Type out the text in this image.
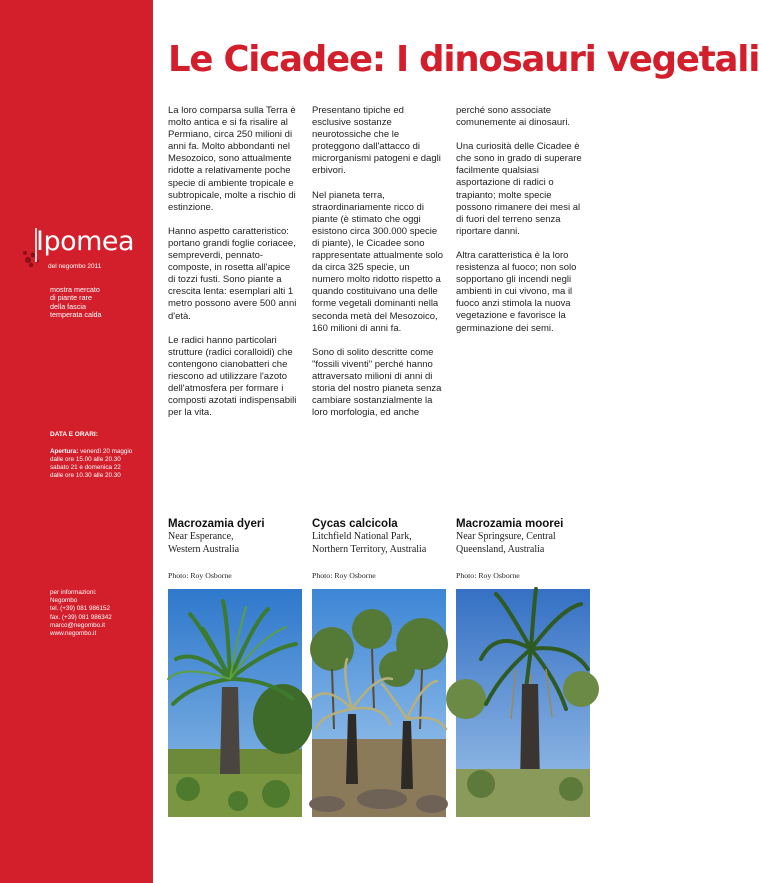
Ipomea
del negombo 2011
mostra mercato
di piante rare
della fascia
temperata calda
DATA E ORARI:
Apertura: venerdì 20 maggio
dalle ore 15.00 alle 20.30
sabato 21 e domenica 22
dalle ore 10.30 alle 20.30
per informazioni:
Negombo
tel. (+39) 081 986152
fax. (+39) 081 986342
marco@negombo.it
www.negombo.it
Le Cicadee: I dinosauri vegetali

La loro comparsa sulla Terra è molto antica e si fa risalire al Permiano, circa 250 milioni di anni fa. Molto abbondanti nel Mesozoico, sono attualmente ridotte a relativamente poche specie di ambiente tropicale e subtropicale, molte a rischio di estinzione.

Hanno aspetto caratteristico: portano grandi foglie coriacee, sempreverdi, pennato-composte, in rosetta all'apice di tozzi fusti. Sono piante a crescita lenta: esemplari alti 1 metro possono avere 500 anni d'età.

Le radici hanno particolari strutture (radici coralloidi) che contengono cianobatteri che riescono ad utilizzare l'azoto dell'atmosfera per formare i composti azotati indispensabili per la vita.

Presentano tipiche ed esclusive sostanze neurotossiche che le proteggono dall'attacco di microrganismi patogeni e dagli erbivori.

Nel pianeta terra, straordinariamente ricco di piante (è stimato che oggi esistono circa 300.000 specie di piante), le Cicadee sono rappresentate attualmente solo da circa 325 specie, un numero molto ridotto rispetto a quando costituivano una delle forme vegetali dominanti nella seconda metà del Mesozoico, 160 milioni di anni fa.

Sono di solito descritte come "fossili viventi" perché hanno attraversato milioni di anni di storia del nostro pianeta senza cambiare sostanzialmente la loro morfologia, ed anche

perché sono associate comunemente ai dinosauri.

Una curiosità delle Cicadee è che sono in grado di superare facilmente qualsiasi asportazione di radici o trapianto; molte specie possono rimanere dei mesi al di fuori del terreno senza riportare danni.

Altra caratteristica è la loro resistenza al fuoco; non solo sopportano gli incendi negli ambienti in cui vivono, ma il fuoco anzi stimola la nuova vegetazione e favorisce la germinazione dei semi.

Macrozamia dyeri
Near Esperance,
Western Australia
Photo: Roy Osborne
Cycas calcicola
Litchfield National Park,
Northern Territory, Australia
Photo: Roy Osborne
Macrozamia moorei
Near Springsure, Central
Queensland, Australia
Photo: Roy Osborne
